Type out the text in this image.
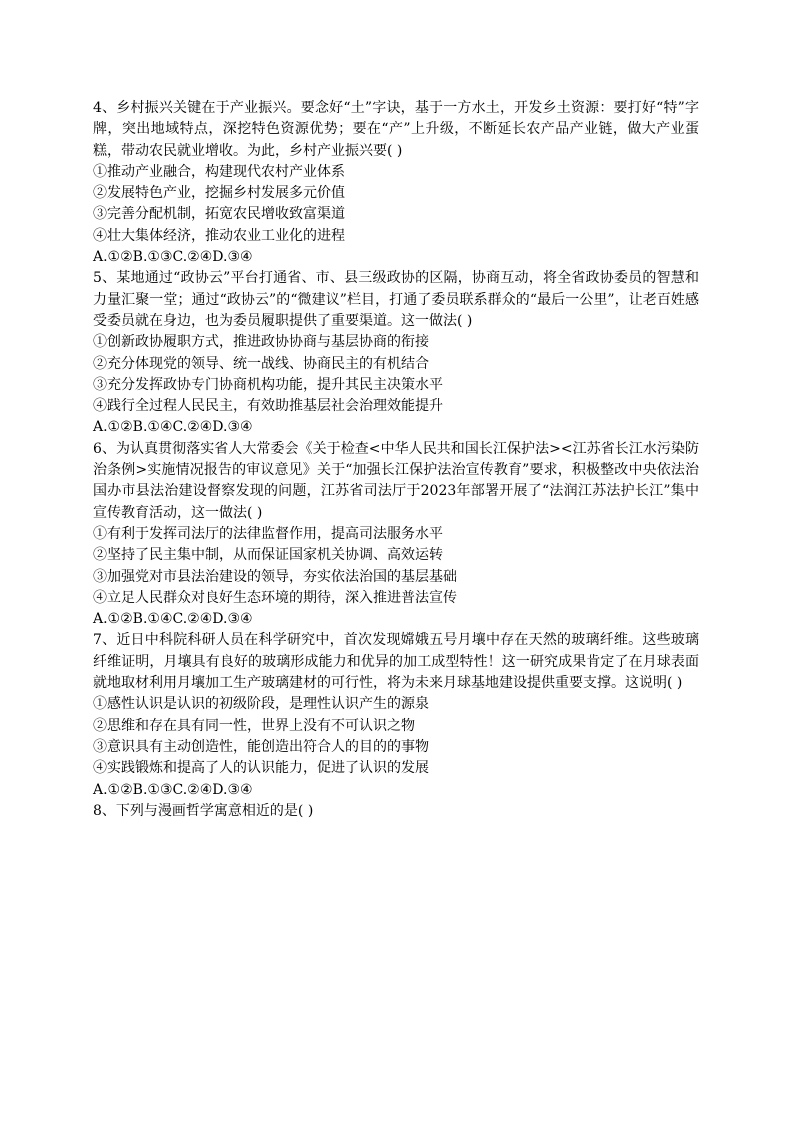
4、乡村振兴关键在于产业振兴。要念好“土”字诀，基于一方水土，开发乡土资源：要打好“特”字牌，突出地域特点，深挖特色资源优势；要在“产”上升级，不断延长农产品产业链，做大产业蛋糕，带动农民就业增收。为此，乡村产业振兴要( )

①推动产业融合，构建现代农村产业体系

②发展特色产业，挖掘乡村发展多元价值

③完善分配机制，拓宽农民增收致富渠道

④壮大集体经济，推动农业工业化的进程

A.①②B.①③C.②④D.③④

5、某地通过“政协云”平台打通省、市、县三级政协的区隔，协商互动，将全省政协委员的智慧和力量汇聚一堂；通过“政协云”的“微建议”栏目，打通了委员联系群众的“最后一公里”，让老百姓感受委员就在身边，也为委员履职提供了重要渠道。这一做法( )

①创新政协履职方式，推进政协协商与基层协商的衔接

②充分体现党的领导、统一战线、协商民主的有机结合

③充分发挥政协专门协商机构功能，提升其民主决策水平

④践行全过程人民民主，有效助推基层社会治理效能提升

A.①②B.①④C.②④D.③④

6、为认真贯彻落实省人大常委会《关于检查<中华人民共和国长江保护法><江苏省长江水污染防治条例>实施情况报告的审议意见》关于“加强长江保护法治宣传教育”要求，积极整改中央依法治国办市县法治建设督察发现的问题，江苏省司法厅于2023年部署开展了“法润江苏法护长江”集中宣传教育活动，这一做法( )

①有利于发挥司法厅的法律监督作用，提高司法服务水平

②坚持了民主集中制，从而保证国家机关协调、高效运转

③加强党对市县法治建设的领导，夯实依法治国的基层基础

④立足人民群众对良好生态环境的期待，深入推进普法宣传

A.①②B.①④C.②④D.③④

7、近日中科院科研人员在科学研究中，首次发现嫦娥五号月壤中存在天然的玻璃纤维。这些玻璃纤维证明，月壤具有良好的玻璃形成能力和优异的加工成型特性！这一研究成果肯定了在月球表面就地取材利用月壤加工生产玻璃建材的可行性，将为未来月球基地建设提供重要支撑。这说明( )

①感性认识是认识的初级阶段，是理性认识产生的源泉

②思维和存在具有同一性，世界上没有不可认识之物

③意识具有主动创造性，能创造出符合人的目的的事物

④实践锻炼和提高了人的认识能力，促进了认识的发展

A.①②B.①③C.②④D.③④

8、下列与漫画哲学寓意相近的是( )
